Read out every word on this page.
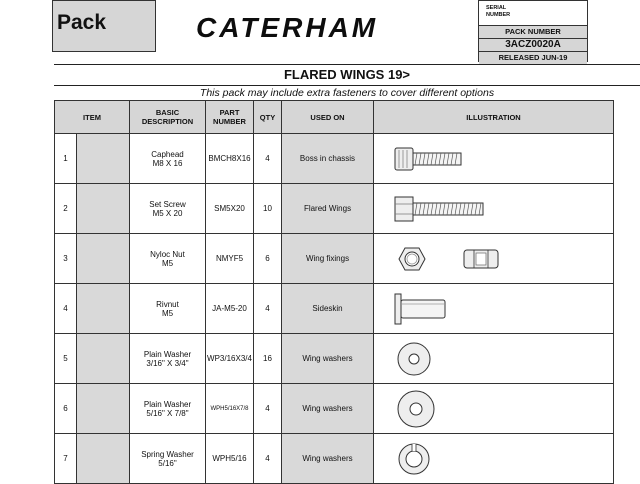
Pack	CATERHAM
SERIAL
NUMBER
PACK NUMBER
3ACZ0020A
RELEASED JUN-19
FLARED WINGS 19>
This pack may include extra fasteners to cover different options
ITEM		BASIC
DESCRIPTION	PART
NUMBER	QTY	USED ON	ILLUSTRATION
1		Caphead
M8 X 16	BMCH8X16	4	Boss in chassis	

2		Set Screw
M5 X 20	SM5X20	10	Flared Wings	

3		Nyloc Nut
M5	NMYF5	6	Wing fixings	

4		Rivnut
M5	JA-M5-20	4	Sideskin	

5		Plain Washer
3/16" X 3/4"	WP3/16X3/4	16	Wing washers	

6		Plain Washer
5/16" X 7/8"	WPH5/16X7/8	4	Wing washers	

7		Spring Washer
5/16"	WPH5/16	4	Wing washers	
